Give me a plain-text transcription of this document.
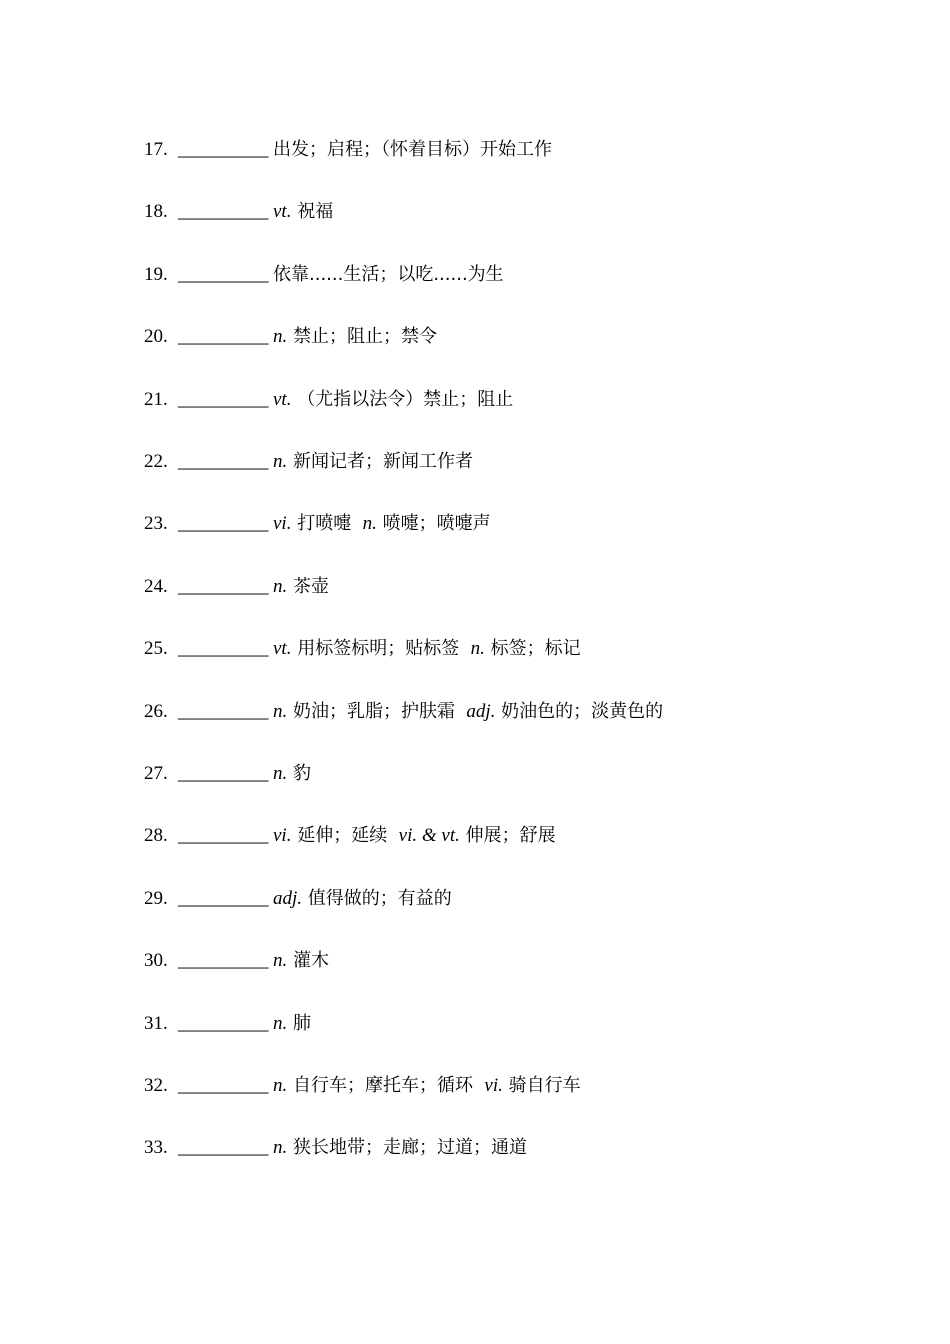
17. __________ 出发；启程；（怀着目标）开始工作
18. __________ vt. 祝福
19. __________ 依靠......生活；以吃......为生
20. __________ n. 禁止；阻止；禁令
21. __________ vt. （尤指以法令）禁止；阻止
22. __________ n. 新闻记者；新闻工作者
23. __________ vi. 打喷嚏  n. 喷嚏；喷嚏声
24. __________ n. 茶壶
25. __________ vt. 用标签标明；贴标签  n. 标签；标记
26. __________ n. 奶油；乳脂；护肤霜  adj. 奶油色的；淡黄色的
27. __________ n. 豹
28. __________ vi. 延伸；延续  vi. & vt. 伸展；舒展
29. __________ adj. 值得做的；有益的
30. __________ n. 灌木
31. __________ n. 肺
32. __________ n. 自行车；摩托车；循环  vi. 骑自行车
33. __________ n. 狭长地带；走廊；过道；通道
